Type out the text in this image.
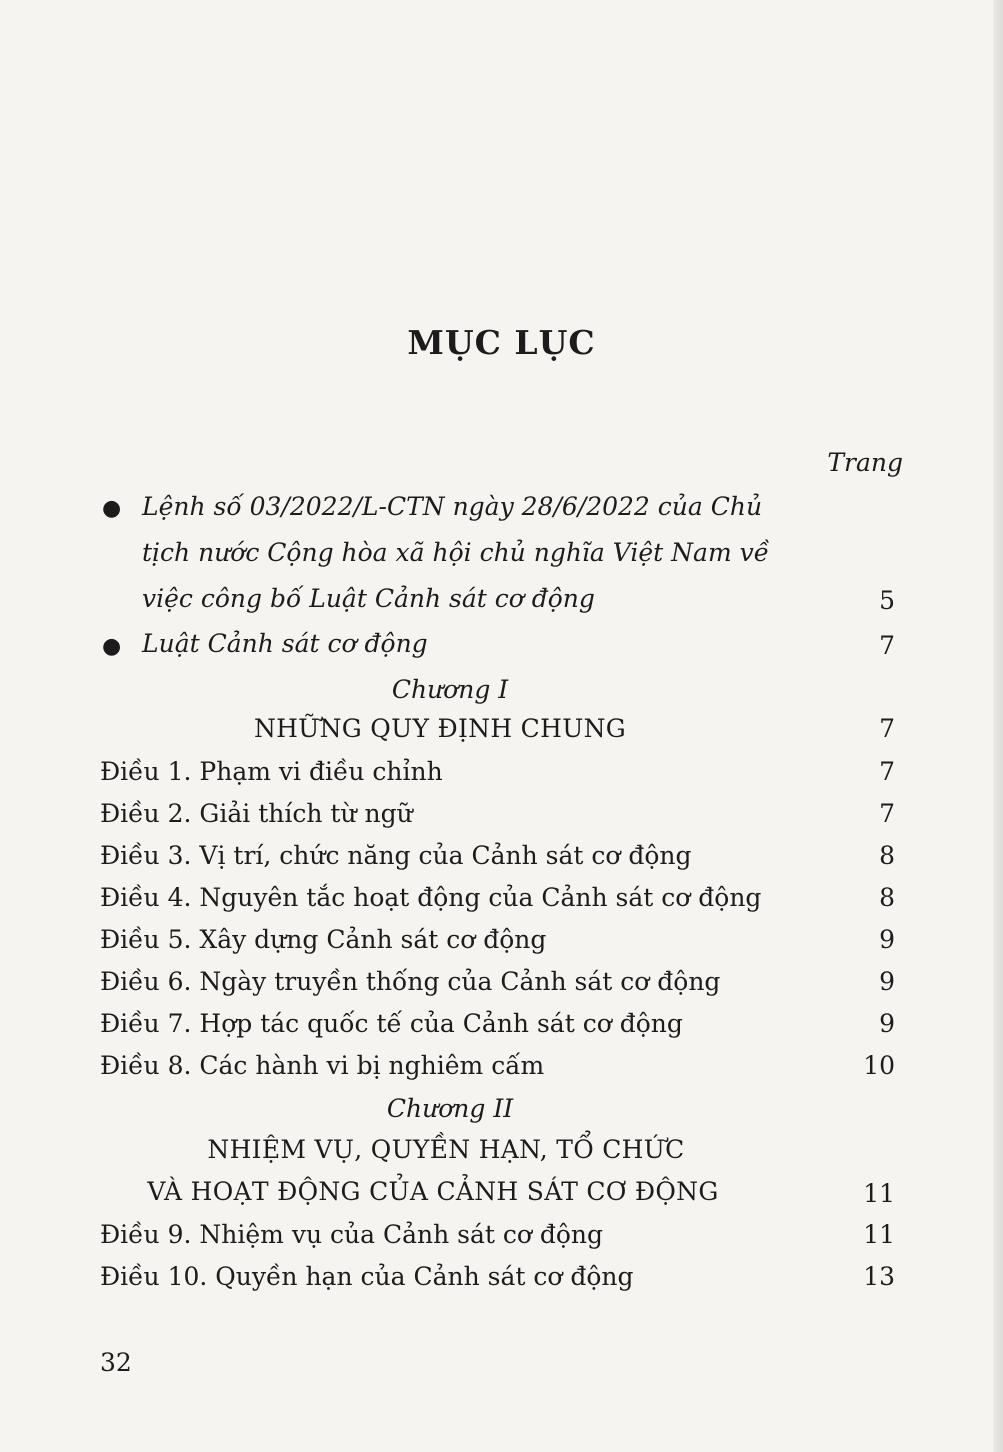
MỤC LỤC
Trang
● Lệnh số 03/2022/L-CTN ngày 28/6/2022 của Chủ
tịch nước Cộng hòa xã hội chủ nghĩa Việt Nam về
việc công bố Luật Cảnh sát cơ động	5
● Luật Cảnh sát cơ động	7
Chương I
NHỮNG QUY ĐỊNH CHUNG	7
Điều 1. Phạm vi điều chỉnh	7
Điều 2. Giải thích từ ngữ	7
Điều 3. Vị trí, chức năng của Cảnh sát cơ động	8
Điều 4. Nguyên tắc hoạt động của Cảnh sát cơ động	8
Điều 5. Xây dựng Cảnh sát cơ động	9
Điều 6. Ngày truyền thống của Cảnh sát cơ động	9
Điều 7. Hợp tác quốc tế của Cảnh sát cơ động	9
Điều 8. Các hành vi bị nghiêm cấm	10
Chương II
NHIỆM VỤ, QUYỀN HẠN, TỔ CHỨC
VÀ HOẠT ĐỘNG CỦA CẢNH SÁT CƠ ĐỘNG	11
Điều 9. Nhiệm vụ của Cảnh sát cơ động	11
Điều 10. Quyền hạn của Cảnh sát cơ động	13
32
